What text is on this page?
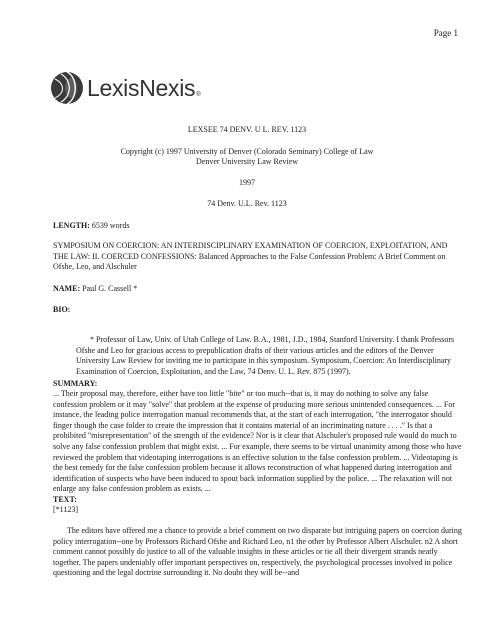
Page 1
LexisNexis ®
LEXSEE 74 DENV. U L. REV. 1123
Copyright (c) 1997 University of Denver (Colorado Seminary) College of Law
Denver University Law Review
1997
74 Denv. U.L. Rev. 1123
LENGTH: 6539 words
SYMPOSIUM ON COERCION: AN INTERDISCIPLINARY EXAMINATION OF COERCION, EXPLOITATION, AND THE LAW: II. COERCED CONFESSIONS: Balanced Approaches to the False Confession Problem: A Brief Comment on Ofshe, Leo, and Alschuler
NAME: Paul G. Cassell *
BIO:
* Professor of Law, Univ. of Utah College of Law. B.A., 1981, J.D., 1984, Stanford University. I thank Professors Ofshe and Leo for gracious access to prepublication drafts of their various articles and the editors of the Denver University Law Review for inviting me to participate in this symposium. Symposium, Coercion: An Interdisciplinary Examination of Coercion, Exploitation, and the Law, 74 Denv. U. L. Rev. 875 (1997).
SUMMARY:
... Their proposal may, therefore, either have too little "bite" or too much--that is, it may do nothing to solve any false confession problem or it may "solve" that problem at the expense of producing more serious unintended consequences. ... For instance, the leading police interrogation manual recommends that, at the start of each interrogation, "the interrogator should finger though the case folder to create the impression that it contains material of an incriminating nature . . . ." Is that a prohibited "misrepresentation" of the strength of the evidence? Nor is it clear that Alschuler's proposed rule would do much to solve any false confession problem that might exist. ... For example, there seems to be virtual unanimity among those who have reviewed the problem that videotaping interrogations is an effective solution to the false confession problem. ... Videotaping is the best remedy for the false confession problem because it allows reconstruction of what happened during interrogation and identification of suspects who have been induced to spout back information supplied by the police. ... The relaxation will not enlarge any false confession problem as exists. ...
TEXT:
[*1123]
The editors have offered me a chance to provide a brief comment on two disparate but intriguing papers on coercion during policy interrogation--one by Professors Richard Ofshe and Richard Leo, n1 the other by Professor Albert Alschuler. n2 A short comment cannot possibly do justice to all of the valuable insights in these articles or tie all their divergent strands neatly together. The papers undeniably offer important perspectives on, respectively, the psychological processes involved in police questioning and the legal doctrine surrounding it. No doubt they will be--and
